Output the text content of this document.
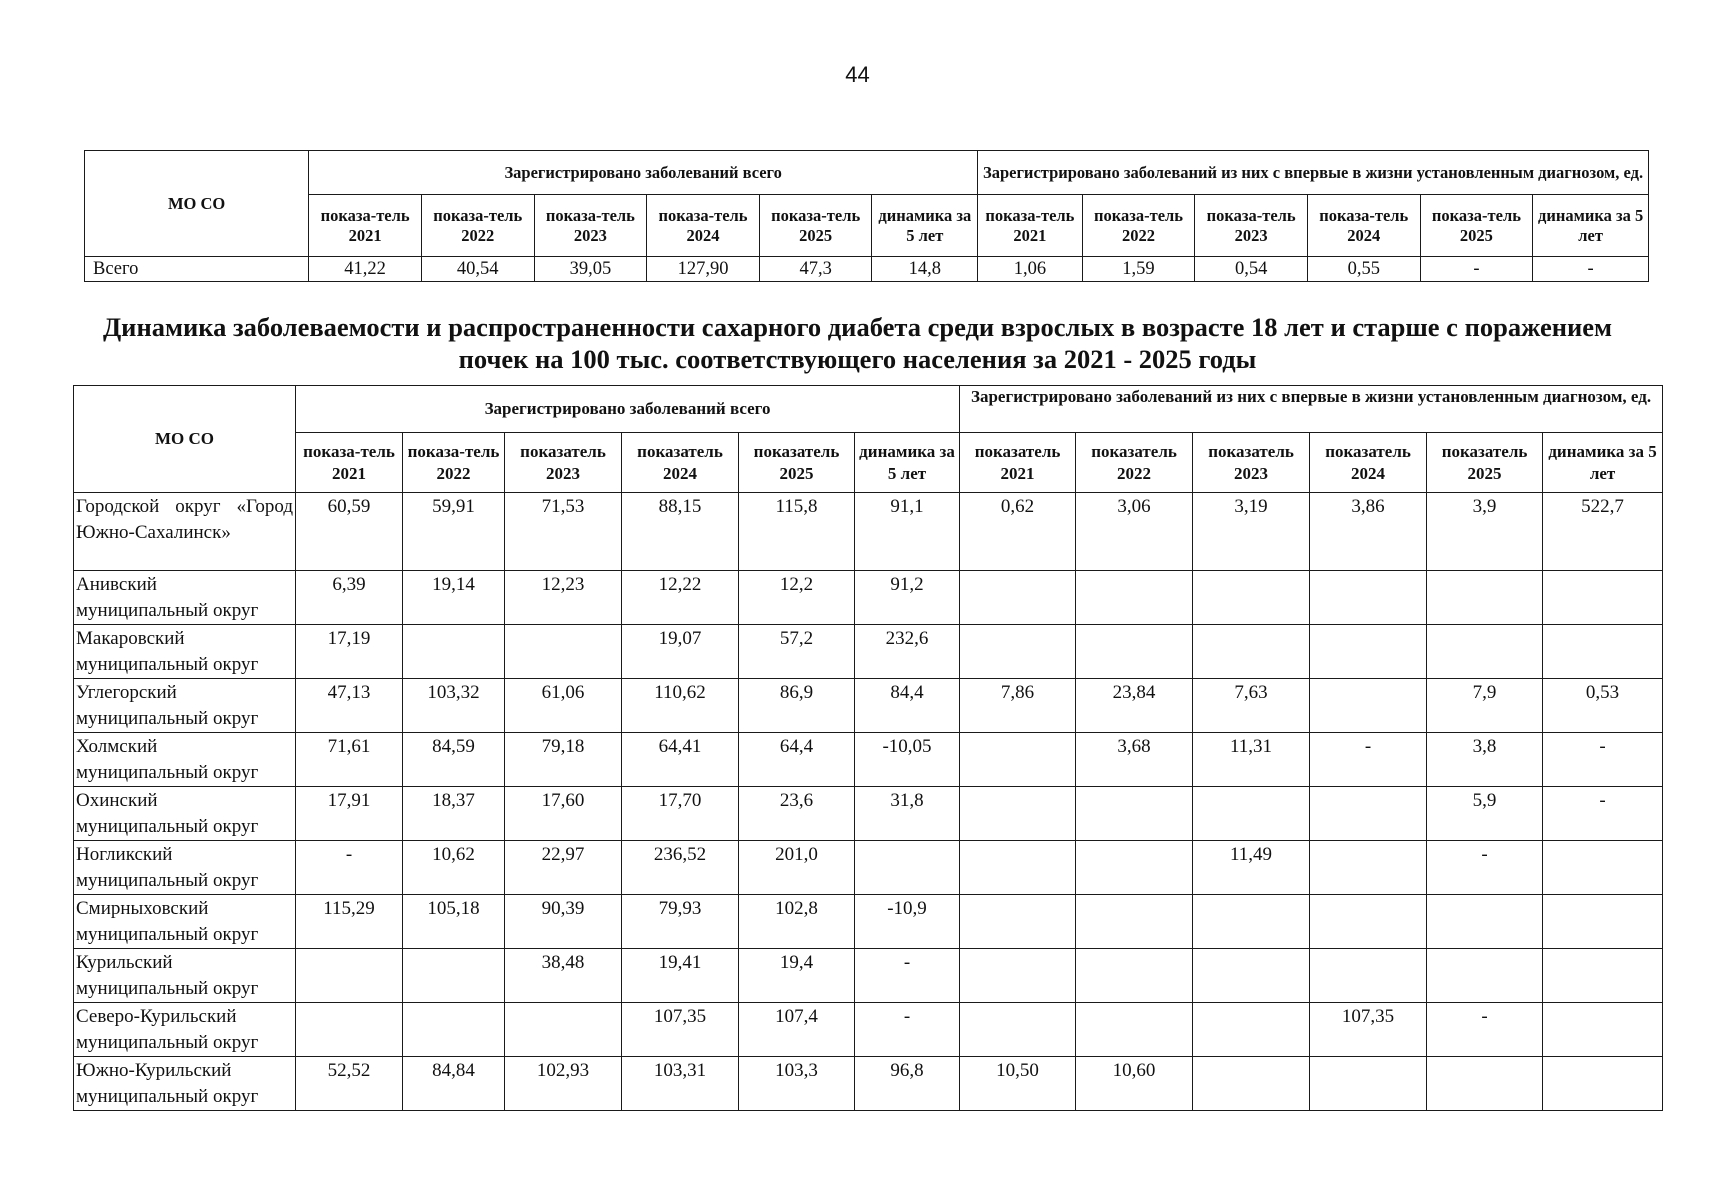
44
МО СО	Зарегистрировано заболеваний всего						Зарегистрировано заболеваний из них с впервые в жизни установленным диагнозом, ед.					
	показа-тель 2021	показа-тель 2022	показа-тель 2023	показа-тель 2024	показа-тель 2025	динамика за 5 лет	показа-тель 2021	показа-тель 2022	показа-тель 2023	показа-тель 2024	показа-тель 2025	динамика за 5 лет
Всего	41,22	40,54	39,05	127,90	47,3	14,8	1,06	1,59	0,54	0,55	-	-
Динамика заболеваемости и распространенности сахарного диабета среди взрослых в возрасте 18 лет и старше с поражением почек на 100 тыс. соответствующего населения за 2021 - 2025 годы
МО СО	Зарегистрировано заболеваний всего						Зарегистрировано заболеваний из них с впервые в жизни установленным диагнозом, ед.					
	показа-тель 2021	показа-тель 2022	показатель 2023	показатель 2024	показатель 2025	динамика за 5 лет	показатель 2021	показатель 2022	показатель 2023	показатель 2024	показатель 2025	динамика за 5 лет
Городской округ «Город Южно-Сахалинск»	60,59	59,91	71,53	88,15	115,8	91,1	0,62	3,06	3,19	3,86	3,9	522,7
Анивский муниципальный округ	6,39	19,14	12,23	12,22	12,2	91,2						
Макаровский муниципальный округ	17,19			19,07	57,2	232,6						
Углегорский муниципальный округ	47,13	103,32	61,06	110,62	86,9	84,4	7,86	23,84	7,63		7,9	0,53
Холмский муниципальный округ	71,61	84,59	79,18	64,41	64,4	-10,05		3,68	11,31	-	3,8	-
Охинский муниципальный округ	17,91	18,37	17,60	17,70	23,6	31,8					5,9	-
Ногликский муниципальный округ	-	10,62	22,97	236,52	201,0				11,49		-	
Смирныховский муниципальный округ	115,29	105,18	90,39	79,93	102,8	-10,9						
Курильский муниципальный округ			38,48	19,41	19,4	-						
Северо-Курильский муниципальный округ				107,35	107,4	-				107,35	-	
Южно-Курильский муниципальный округ	52,52	84,84	102,93	103,31	103,3	96,8	10,50	10,60				
